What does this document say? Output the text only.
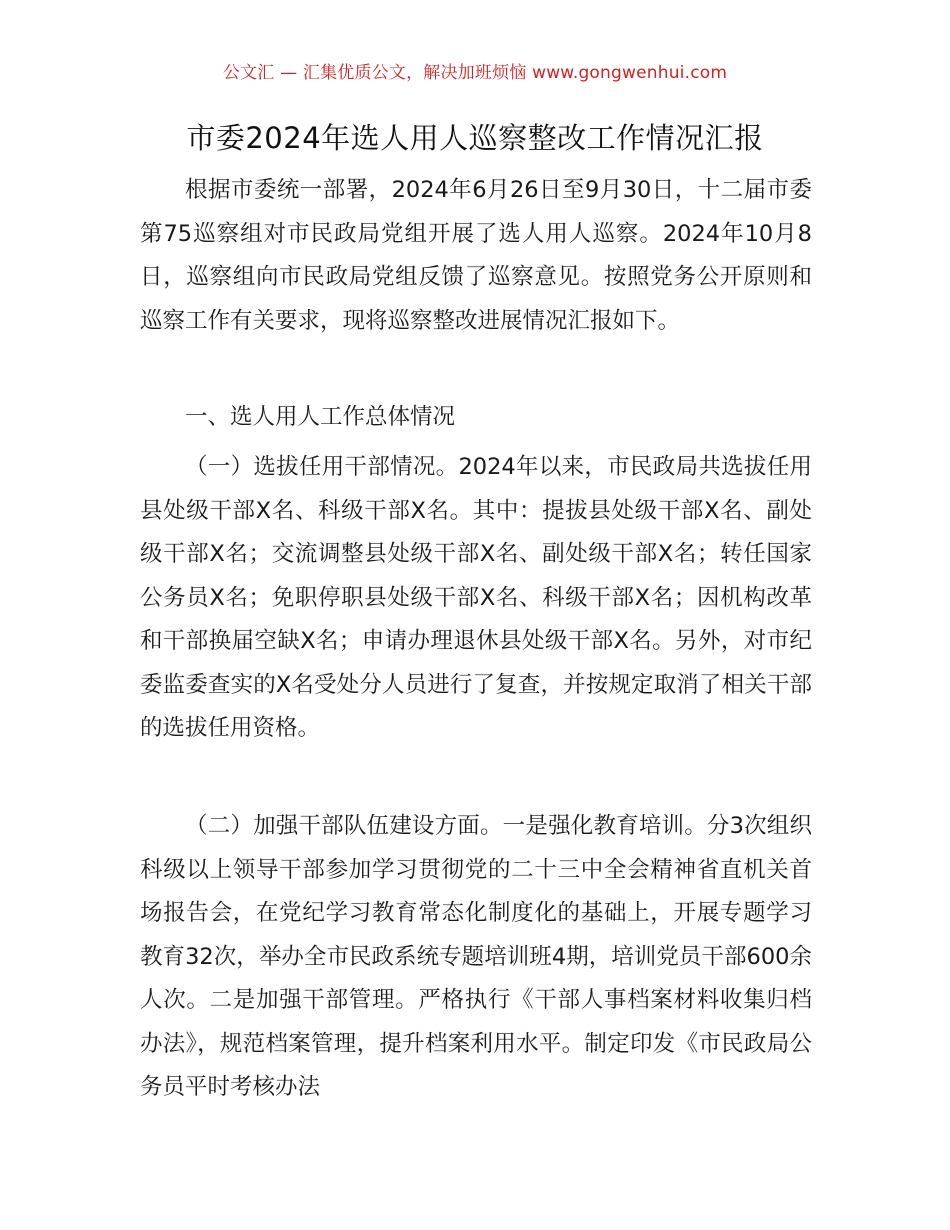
公文汇 — 汇集优质公文，解决加班烦恼 www.gongwenhui.com
市委2024年选人用人巡察整改工作情况汇报

根据市委统一部署，2024年6月26日至9月30日，十二届市委第75巡察组对市民政局党组开展了选人用人巡察。2024年10月8日，巡察组向市民政局党组反馈了巡察意见。按照党务公开原则和巡察工作有关要求，现将巡察整改进展情况汇报如下。

一、选人用人工作总体情况

（一）选拔任用干部情况。2024年以来，市民政局共选拔任用县处级干部X名、科级干部X名。其中：提拔县处级干部X名、副处级干部X名；交流调整县处级干部X名、副处级干部X名；转任国家公务员X名；免职停职县处级干部X名、科级干部X名；因机构改革和干部换届空缺X名；申请办理退休县处级干部X名。另外，对市纪委监委查实的X名受处分人员进行了复查，并按规定取消了相关干部的选拔任用资格。

（二）加强干部队伍建设方面。一是强化教育培训。分3次组织科级以上领导干部参加学习贯彻党的二十三中全会精神省直机关首场报告会，在党纪学习教育常态化制度化的基础上，开展专题学习教育32次，举办全市民政系统专题培训班4期，培训党员干部600余人次。二是加强干部管理。严格执行《干部人事档案材料收集归档办法》，规范档案管理，提升档案利用水平。制定印发《市民政局公务员平时考核办法
